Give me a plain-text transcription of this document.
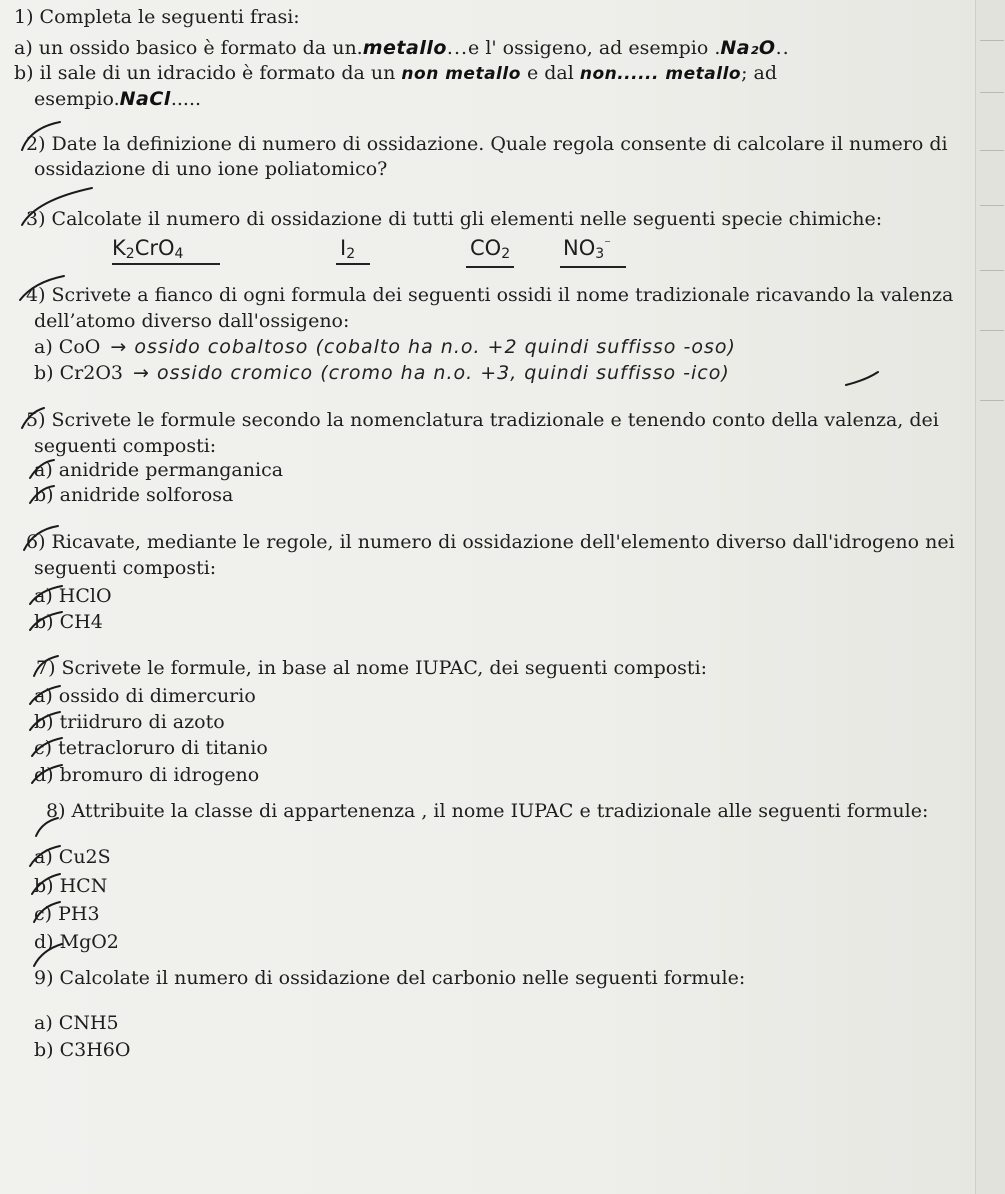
1) Completa le seguenti frasi:
a) un ossido basico è formato da un.metallo...e l' ossigeno, ad esempio .Na₂O..
b) il sale di un idracido è formato da un non metallo e dal non...... metallo; ad
esempio.NaCl.....
2) Date la definizione di numero di ossidazione. Quale regola consente di calcolare il numero di
ossidazione di uno ione poliatomico?
3) Calcolate il numero di ossidazione di tutti gli elementi nelle seguenti specie chimiche:
$K_2CrO_4$	$I_2$	$CO_2$	$NO_3^{^-}$
4) Scrivete a fianco di ogni formula dei seguenti ossidi il nome tradizionale ricavando la valenza
dell’atomo diverso dall'ossigeno:
a) CoO → ossido cobaltoso (cobalto ha n.o. +2 quindi suffisso -oso)
b) Cr2O3 → ossido cromico (cromo ha n.o. +3, quindi suffisso -ico)
5) Scrivete le formule secondo la nomenclatura tradizionale e tenendo conto della valenza, dei
seguenti composti:
a) anidride permanganica
b) anidride solforosa
6) Ricavate, mediante le regole, il numero di ossidazione dell'elemento diverso dall'idrogeno nei
seguenti composti:
a) HClO
b) CH4
7) Scrivete le formule, in base al nome IUPAC, dei seguenti composti:
a) ossido di dimercurio
b) triidruro di azoto
c) tetracloruro di titanio
d) bromuro di idrogeno
8) Attribuite la classe di appartenenza , il nome IUPAC e tradizionale alle seguenti formule:
a) Cu2S
b) HCN
c) PH3
d) MgO2
9) Calcolate il numero di ossidazione del carbonio nelle seguenti formule:
a) CNH5
b) C3H6O
